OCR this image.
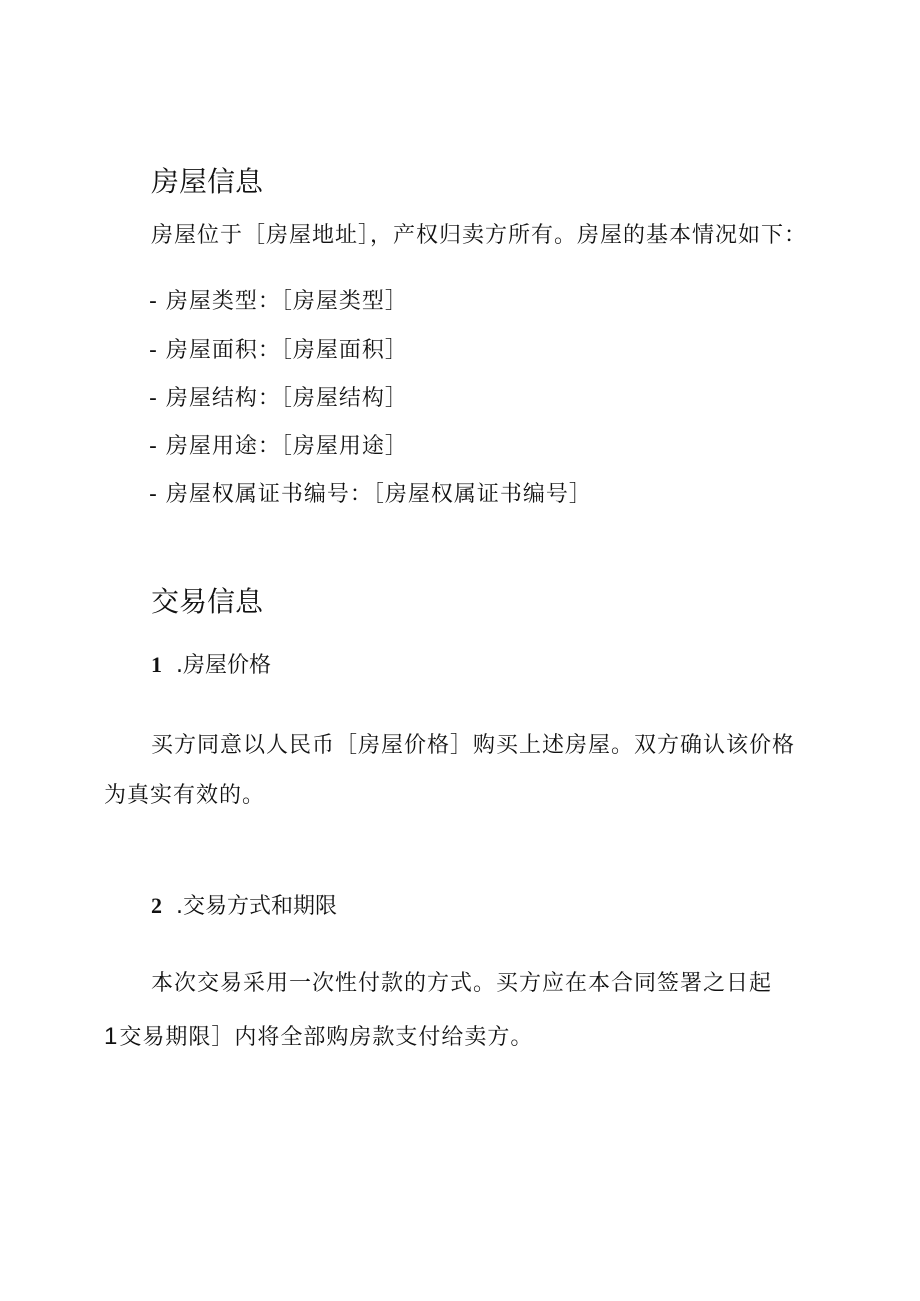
房屋信息
房屋位于［房屋地址］，产权归卖方所有。房屋的基本情况如下：
- 房屋类型：［房屋类型］
- 房屋面积：［房屋面积］
- 房屋结构：［房屋结构］
- 房屋用途：［房屋用途］
- 房屋权属证书编号：［房屋权属证书编号］
交易信息
1 .房屋价格
买方同意以人民币［房屋价格］购买上述房屋。双方确认该价格
为真实有效的。
2 .交易方式和期限
本次交易采用一次性付款的方式。买方应在本合同签署之日起
1交易期限］内将全部购房款支付给卖方。
